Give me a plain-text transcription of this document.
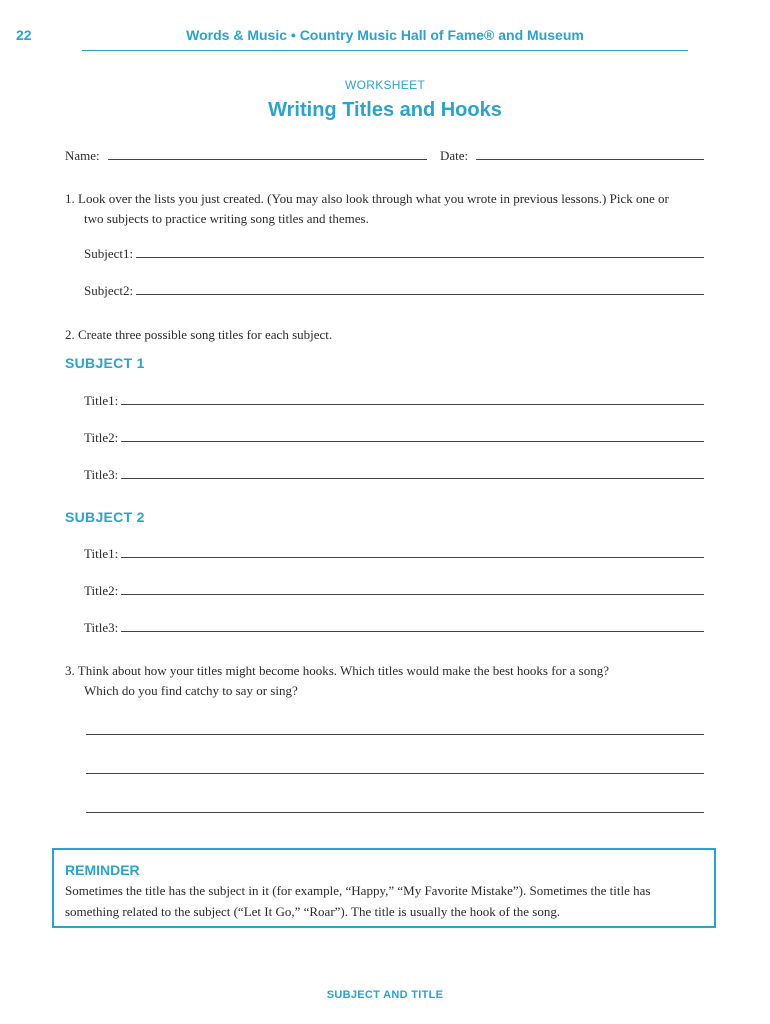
22	Words & Music • Country Music Hall of Fame® and Museum
WORKSHEET
Writing Titles and Hooks
Name:	Date:
1. Look over the lists you just created. (You may also look through what you wrote in previous lessons.) Pick one or
two subjects to practice writing song titles and themes.
Subject1:
Subject2:
2. Create three possible song titles for each subject.
SUBJECT 1
Title1:
Title2:
Title3:
SUBJECT 2
Title1:
Title2:
Title3:
3. Think about how your titles might become hooks. Which titles would make the best hooks for a song?
Which do you find catchy to say or sing?
REMINDER
Sometimes the title has the subject in it (for example, “Happy,” “My Favorite Mistake”). Sometimes the title has something related to the subject (“Let It Go,” “Roar”). The title is usually the hook of the song.
SUBJECT AND TITLE
